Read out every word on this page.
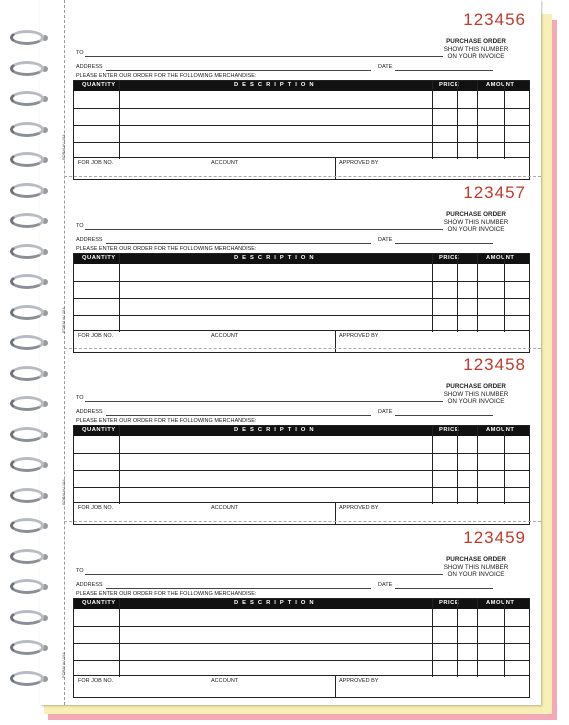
123456
PURCHASE ORDER
SHOW THIS NUMBER
ON YOUR INVOICE
TO
ADDRESS	DATE
PLEASE ENTER OUR ORDER FOR THE FOLLOWING MERCHANDISE:
QUANTITY	DESCRIPTION	PRICE	AMOUNT
FOR JOB NO.	ACCOUNT	APPROVED BY
FORM #V-154
123457
PURCHASE ORDER
SHOW THIS NUMBER
ON YOUR INVOICE
TO
ADDRESS	DATE
PLEASE ENTER OUR ORDER FOR THE FOLLOWING MERCHANDISE:
QUANTITY	DESCRIPTION	PRICE	AMOUNT
FOR JOB NO.	ACCOUNT	APPROVED BY
FORM #V-154
123458
PURCHASE ORDER
SHOW THIS NUMBER
ON YOUR INVOICE
TO
ADDRESS	DATE
PLEASE ENTER OUR ORDER FOR THE FOLLOWING MERCHANDISE:
QUANTITY	DESCRIPTION	PRICE	AMOUNT
FOR JOB NO.	ACCOUNT	APPROVED BY
FORM #V-154
123459
PURCHASE ORDER
SHOW THIS NUMBER
ON YOUR INVOICE
TO
ADDRESS	DATE
PLEASE ENTER OUR ORDER FOR THE FOLLOWING MERCHANDISE:
QUANTITY	DESCRIPTION	PRICE	AMOUNT
FOR JOB NO.	ACCOUNT	APPROVED BY
FORM #V-154
